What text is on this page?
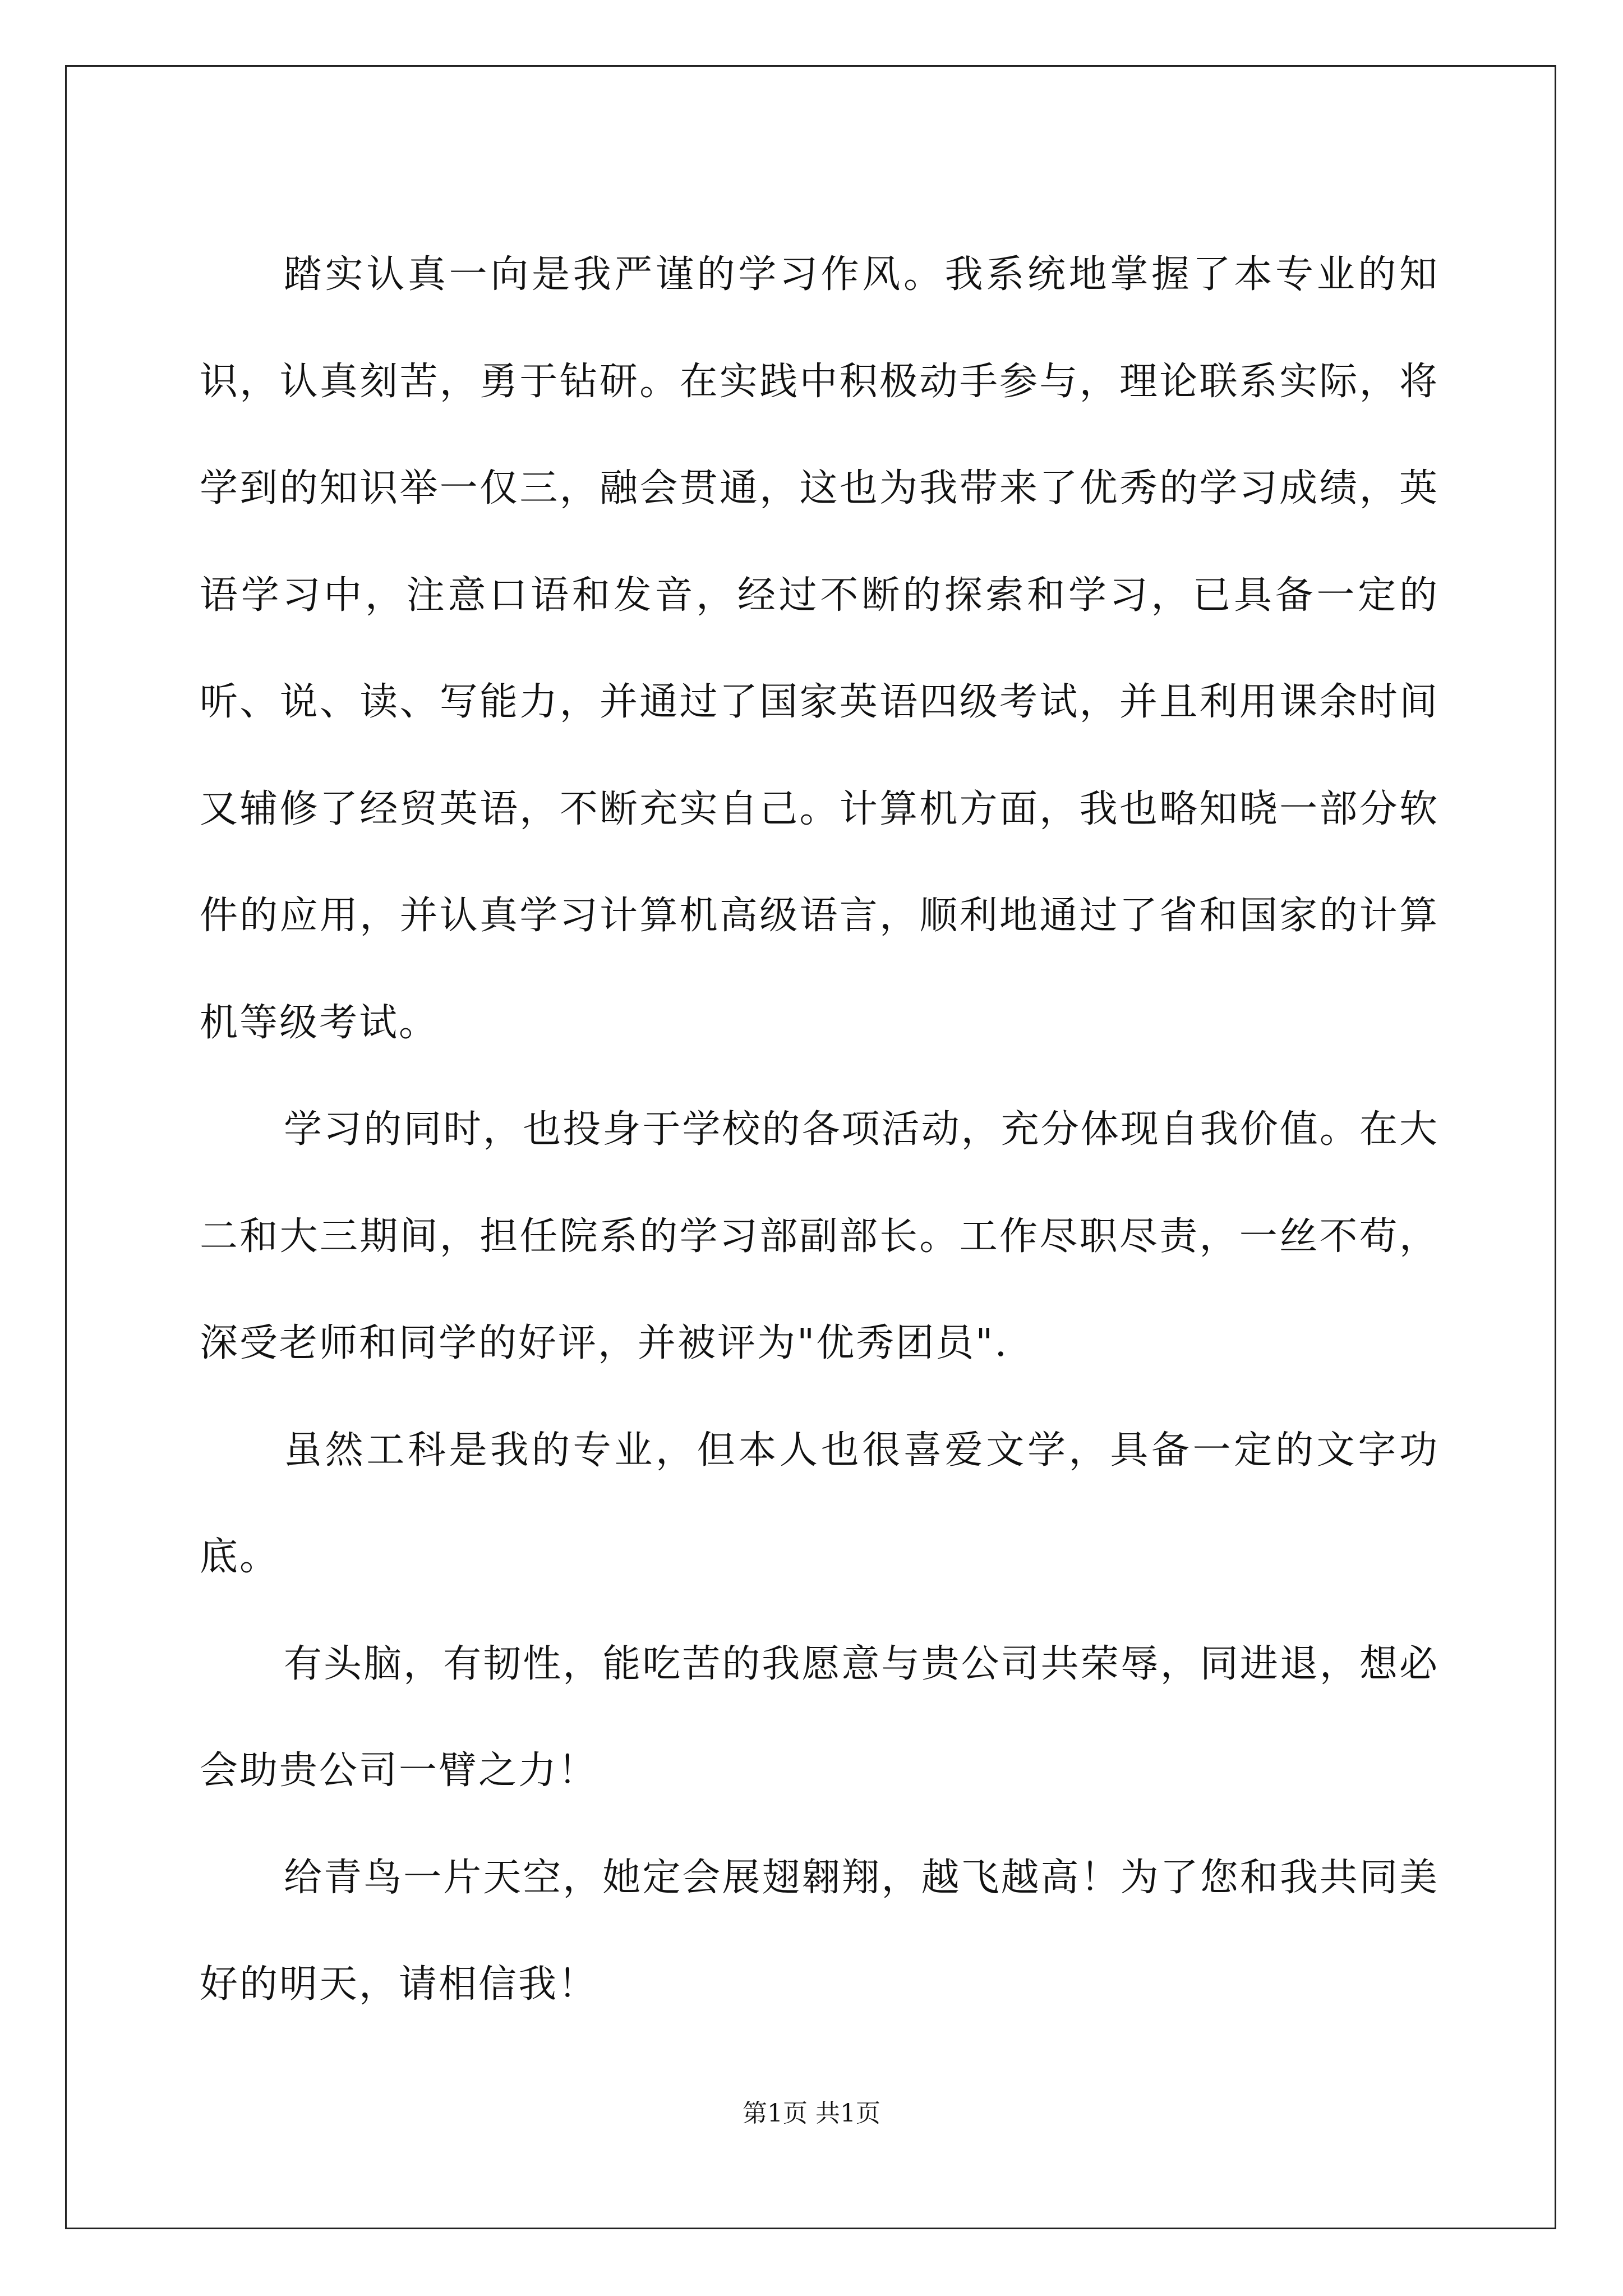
踏实认真一向是我严谨的学习作风。我系统地掌握了本专业的知识，认真刻苦，勇于钻研。在实践中积极动手参与，理论联系实际，将学到的知识举一仅三，融会贯通，这也为我带来了优秀的学习成绩，英语学习中，注意口语和发音，经过不断的探索和学习，已具备一定的听、说、读、写能力，并通过了国家英语四级考试，并且利用课余时间又辅修了经贸英语，不断充实自己。计算机方面，我也略知晓一部分软件的应用，并认真学习计算机高级语言，顺利地通过了省和国家的计算机等级考试。

学习的同时，也投身于学校的各项活动，充分体现自我价值。在大二和大三期间，担任院系的学习部副部长。工作尽职尽责，一丝不苟，深受老师和同学的好评，并被评为"优秀团员".

虽然工科是我的专业，但本人也很喜爱文学，具备一定的文字功底。

有头脑，有韧性，能吃苦的我愿意与贵公司共荣辱，同进退，想必会助贵公司一臂之力！

给青鸟一片天空，她定会展翅翱翔，越飞越高！为了您和我共同美好的明天，请相信我！

第1页 共1页
